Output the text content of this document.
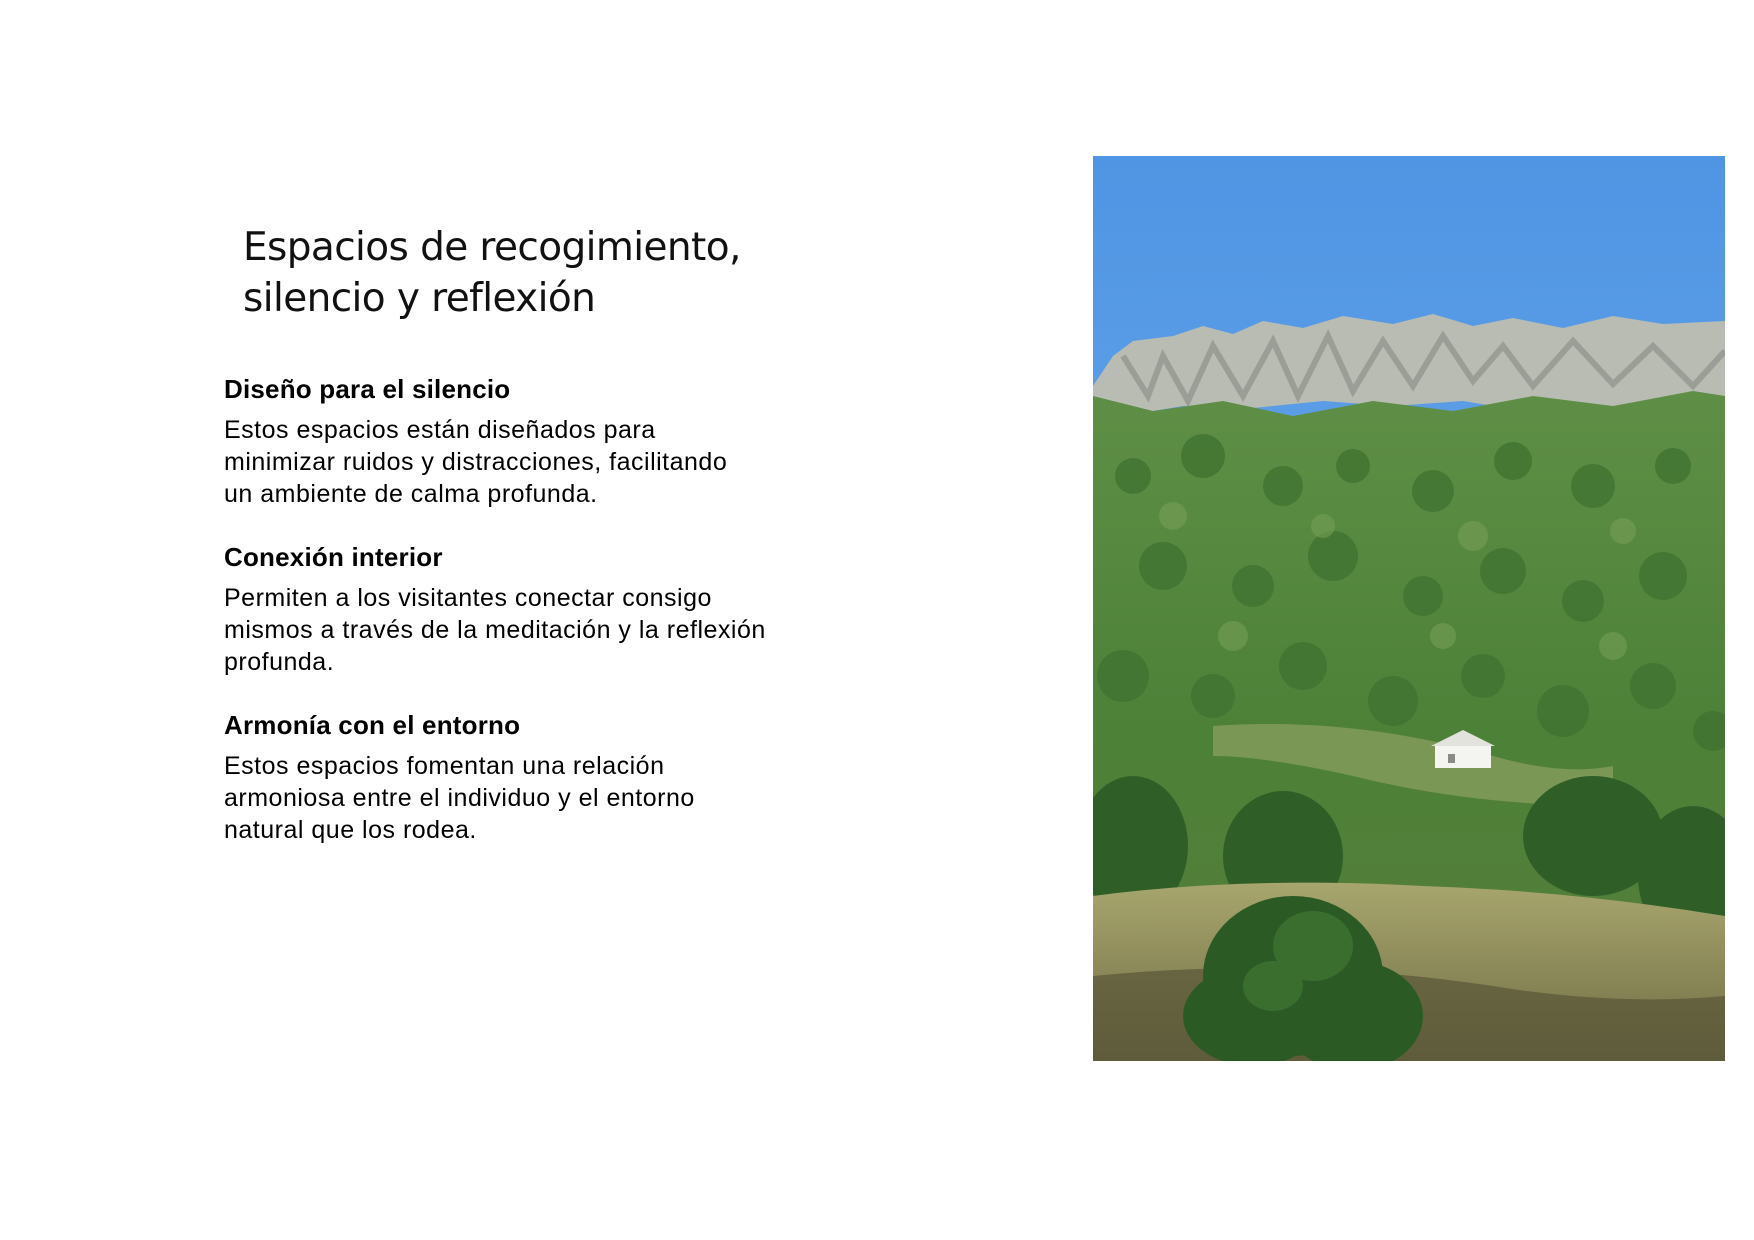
Espacios de recogimiento,
silencio y reflexión
Diseño para el silencio

Estos espacios están diseñados para
minimizar ruidos y distracciones, facilitando
un ambiente de calma profunda.

Conexión interior

Permiten a los visitantes conectar consigo
mismos a través de la meditación y la reflexión
profunda.

Armonía con el entorno

Estos espacios fomentan una relación
armoniosa entre el individuo y el entorno
natural que los rodea.
